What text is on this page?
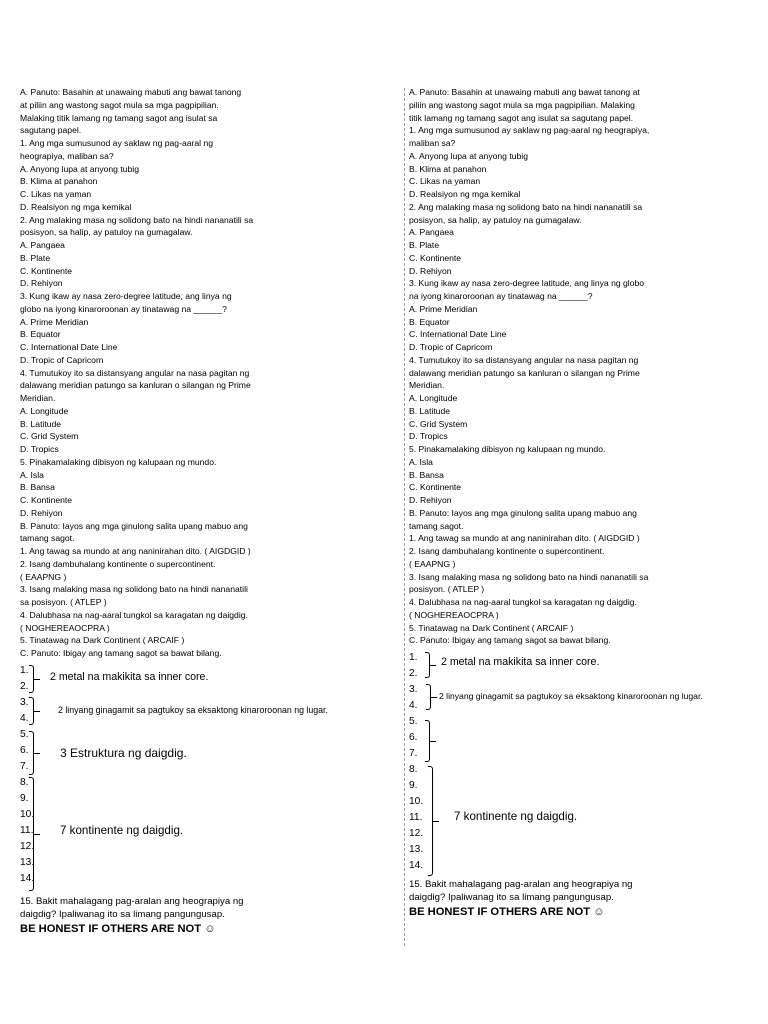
A. Panuto: Basahin at unawaing mabuti ang bawat tanong
at piliin ang wastong sagot mula sa mga pagpipilian.
Malaking titik lamang ng tamang sagot ang isulat sa
sagutang papel.
1. Ang mga sumusunod ay saklaw ng pag-aaral ng
heograpiya, maliban sa?
A. Anyong lupa at anyong tubig
B. Klima at panahon
C. Likas na yaman
D. Realsiyon ng mga kemikal
2. Ang malaking masa ng solidong bato na hindi nananatili sa
posisyon, sa halip, ay patuloy na gumagalaw.
A. Pangaea
B. Plate
C. Kontinente
D. Rehiyon
3. Kung ikaw ay nasa zero-degree latitude, ang linya ng
globo na iyong kinaroroonan ay tinatawag na ______?
A. Prime Meridian
B. Equator
C. International Date Line
D. Tropic of Capricorn
4. Tumutukoy ito sa distansyang angular na nasa pagitan ng
dalawang meridian patungo sa kanluran o silangan ng Prime
Meridian.
A. Longitude
B. Latitude
C. Grid System
D. Tropics
5. Pinakamalaking dibisyon ng kalupaan ng mundo.
A. Isla
B. Bansa
C. Kontinente
D. Rehiyon
B. Panuto: Iayos ang mga ginulong salita upang mabuo ang
tamang sagot.
1. Ang tawag sa mundo at ang naninirahan dito. ( AIGDGID )
2. Isang dambuhalang kontinente o supercontinent.
( EAAPNG )
3. Isang malaking masa ng solidong bato na hindi nananatili
sa posisyon. ( ATLEP )
4. Dalubhasa na nag-aaral tungkol sa karagatan ng daigdig.
( NOGHEREAOCPRA )
5. Tinatawag na Dark Continent ( ARCAIF )
C. Panuto: Ibigay ang tamang sagot sa bawat bilang.
2 metal na makikita sa inner core.
2 linyang ginagamit sa pagtukoy sa eksaktong kinaroroonan ng lugar.
3 Estruktura ng daigdig.
7 kontinente ng daigdig.
1.
2.
3.
4.
5.
6.
7.
8.
9.
10.
11.
12.
13.
14.
15. Bakit mahalagang pag-aralan ang heograpiya ng
daigdig? Ipaliwanag ito sa limang pangungusap.
BE HONEST IF OTHERS ARE NOT ☺
A. Panuto: Basahin at unawaing mabuti ang bawat tanong at
piliin ang wastong sagot mula sa mga pagpipilian. Malaking
titik lamang ng tamang sagot ang isulat sa sagutang papel.
1. Ang mga sumusunod ay saklaw ng pag-aaral ng heograpiya,
maliban sa?
A. Anyong lupa at anyong tubig
B. Klima at panahon
C. Likas na yaman
D. Realsiyon ng mga kemikal
2. Ang malaking masa ng solidong bato na hindi nananatili sa
posisyon, sa halip, ay patuloy na gumagalaw.
A. Pangaea
B. Plate
C. Kontinente
D. Rehiyon
3. Kung ikaw ay nasa zero-degree latitude, ang linya ng globo
na iyong kinaroroonan ay tinatawag na ______?
A. Prime Meridian
B. Equator
C. International Date Line
D. Tropic of Capricorn
4. Tumutukoy ito sa distansyang angular na nasa pagitan ng
dalawang meridian patungo sa kanluran o silangan ng Prime
Meridian.
A. Longitude
B. Latitude
C. Grid System
D. Tropics
5. Pinakamalaking dibisyon ng kalupaan ng mundo.
A. Isla
B. Bansa
C. Kontinente
D. Rehiyon
B. Panuto: Iayos ang mga ginulong salita upang mabuo ang
tamang sagot.
1. Ang tawag sa mundo at ang naninirahan dito. ( AIGDGID )
2. Isang dambuhalang kontinente o supercontinent.
( EAAPNG )
3. Isang malaking masa ng solidong bato na hindi nananatili sa
posisyon. ( ATLEP )
4. Dalubhasa na nag-aaral tungkol sa karagatan ng daigdig.
( NOGHEREAOCPRA )
5. Tinatawag na Dark Continent ( ARCAIF )
C. Panuto: Ibigay ang tamang sagot sa bawat bilang.
2 metal na makikita sa inner core.
2 linyang ginagamit sa pagtukoy sa eksaktong kinaroroonan ng lugar.
7 kontinente ng daigdig.
1.
2.
3.
4.
5.
6.
7.
8.
9.
10.
11.
12.
13.
14.
15. Bakit mahalagang pag-aralan ang heograpiya ng
daigdig? Ipaliwanag ito sa limang pangungusap.
BE HONEST IF OTHERS ARE NOT ☺
